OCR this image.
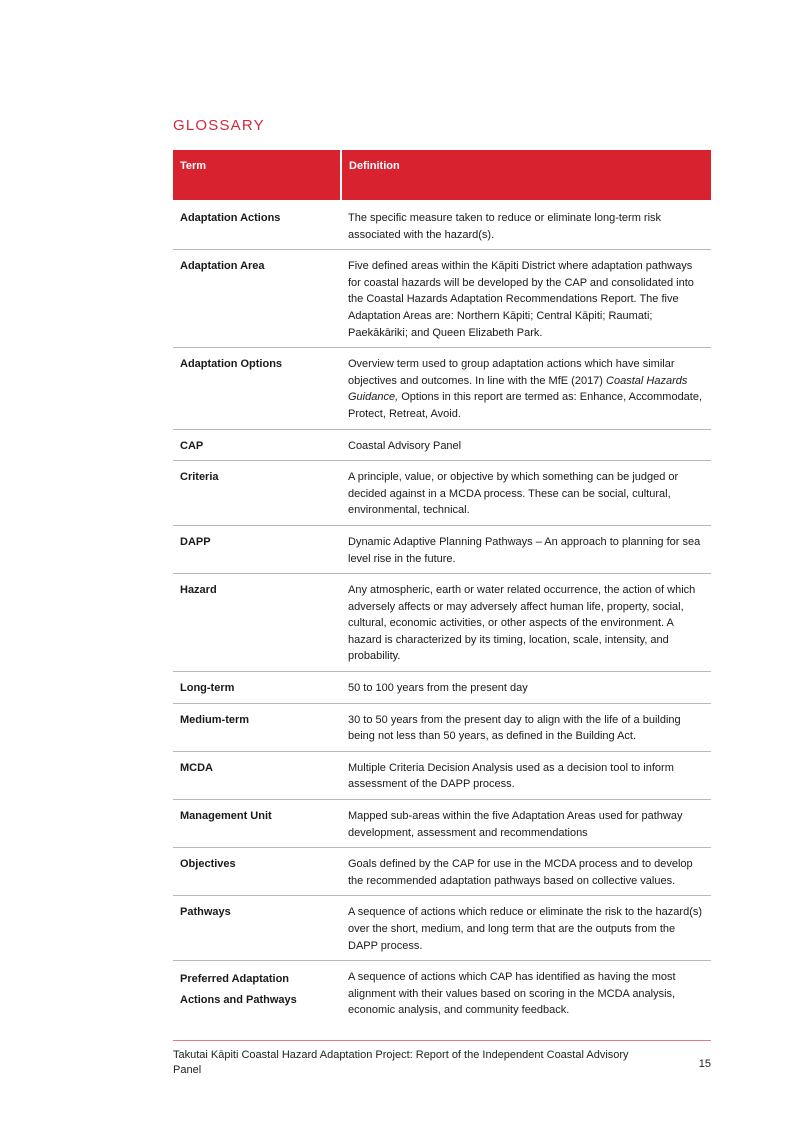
GLOSSARY
Term	Definition
Adaptation Actions	The specific measure taken to reduce or eliminate long-term risk associated with the hazard(s).
Adaptation Area	Five defined areas within the Kāpiti District where adaptation pathways for coastal hazards will be developed by the CAP and consolidated into the Coastal Hazards Adaptation Recommendations Report. The five Adaptation Areas are: Northern Kāpiti; Central Kāpiti; Raumati; Paekākāriki; and Queen Elizabeth Park.
Adaptation Options	Overview term used to group adaptation actions which have similar objectives and outcomes. In line with the MfE (2017) Coastal Hazards Guidance, Options in this report are termed as: Enhance, Accommodate, Protect, Retreat, Avoid.
CAP	Coastal Advisory Panel
Criteria	A principle, value, or objective by which something can be judged or decided against in a MCDA process. These can be social, cultural, environmental, technical.
DAPP	Dynamic Adaptive Planning Pathways – An approach to planning for sea level rise in the future.
Hazard	Any atmospheric, earth or water related occurrence, the action of which adversely affects or may adversely affect human life, property, social, cultural, economic activities, or other aspects of the environment. A hazard is characterized by its timing, location, scale, intensity, and probability.
Long-term	50 to 100 years from the present day
Medium-term	30 to 50 years from the present day to align with the life of a building being not less than 50 years, as defined in the Building Act.
MCDA	Multiple Criteria Decision Analysis used as a decision tool to inform assessment of the DAPP process.
Management Unit	Mapped sub-areas within the five Adaptation Areas used for pathway development, assessment and recommendations
Objectives	Goals defined by the CAP for use in the MCDA process and to develop the recommended adaptation pathways based on collective values.
Pathways	A sequence of actions which reduce or eliminate the risk to the hazard(s) over the short, medium, and long term that are the outputs from the DAPP process.

Preferred Adaptation
Actions and Pathways	A sequence of actions which CAP has identified as having the most alignment with their values based on scoring in the MCDA analysis, economic analysis, and community feedback.
Takutai Kāpiti Coastal Hazard Adaptation Project: Report of the Independent Coastal Advisory Panel	15
